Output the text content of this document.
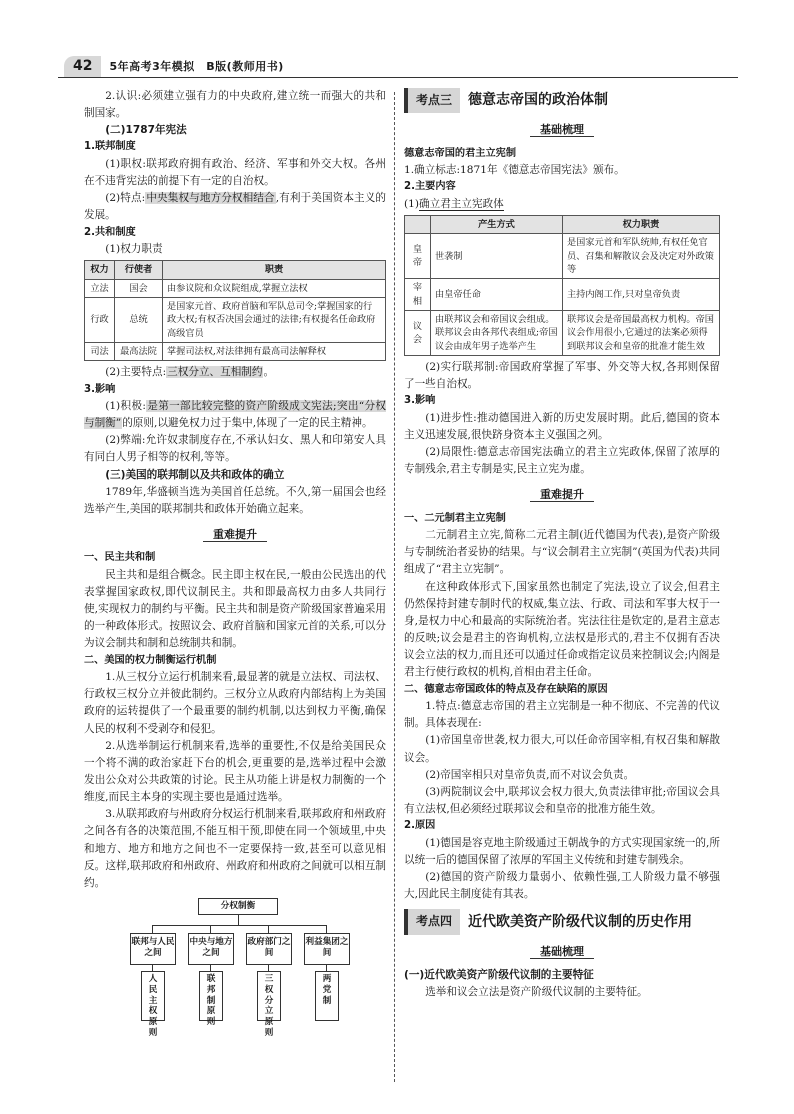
42	5年高考3年模拟　B版(教师用书)

2.认识:必须建立强有力的中央政府,建立统一而强大的共和制国家。

(二)1787年宪法
1.联邦制度

(1)职权:联邦政府拥有政治、经济、军事和外交大权。各州在不违背宪法的前提下有一定的自治权。

(2)特点:中央集权与地方分权相结合,有利于美国资本主义的发展。

2.共和制度

(1)权力职责

权力	行使者	职责
立法	国会	由参议院和众议院组成,掌握立法权
行政	总统	是国家元首、政府首脑和军队总司令;掌握国家的行政大权;有权否决国会通过的法律;有权提名任命政府高级官员
司法	最高法院	掌握司法权,对法律拥有最高司法解释权

(2)主要特点:三权分立、互相制约。

3.影响

(1)积极:是第一部比较完整的资产阶级成文宪法;突出“分权与制衡”的原则,以避免权力过于集中,体现了一定的民主精神。

(2)弊端:允许奴隶制度存在,不承认妇女、黑人和印第安人具有同白人男子相等的权利,等等。

(三)美国的联邦制以及共和政体的确立

1789年,华盛顿当选为美国首任总统。不久,第一届国会也经选举产生,美国的联邦制共和政体开始确立起来。

重难提升
一、民主共和制

民主共和是组合概念。民主即主权在民,一般由公民选出的代表掌握国家政权,即代议制民主。共和即最高权力由多人共同行使,实现权力的制约与平衡。民主共和制是资产阶级国家普遍采用的一种政体形式。按照议会、政府首脑和国家元首的关系,可以分为议会制共和制和总统制共和制。

二、美国的权力制衡运行机制

1.从三权分立运行机制来看,最显著的就是立法权、司法权、行政权三权分立并彼此制约。三权分立从政府内部结构上为美国政府的运转提供了一个最重要的制约机制,以达到权力平衡,确保人民的权利不受剥夺和侵犯。

2.从选举制运行机制来看,选举的重要性,不仅是给美国民众一个将不满的政治家赶下台的机会,更重要的是,选举过程中会激发出公众对公共政策的讨论。民主从功能上讲是权力制衡的一个维度,而民主本身的实现主要也是通过选举。

3.从联邦政府与州政府分权运行机制来看,联邦政府和州政府之间各有各的决策范围,不能互相干预,即使在同一个领域里,中央和地方、地方和地方之间也不一定要保持一致,甚至可以意见相反。这样,联邦政府和州政府、州政府和州政府之间就可以相互制约。

分权制衡
联邦与人民之间
中央与地方之间
政府部门之间
利益集团之间
人民主权原则
联邦制原则
三权分立原则
两党制
考点三	德意志帝国的政治体制
基础梳理
德意志帝国的君主立宪制

1.确立标志:1871年《德意志帝国宪法》颁布。

2.主要内容

(1)确立君主立宪政体

	产生方式	权力职责
皇帝	世袭制	是国家元首和军队统帅,有权任免官员、召集和解散议会及决定对外政策等
宰相	由皇帝任命	主持内阁工作,只对皇帝负责
议会	由联邦议会和帝国议会组成。联邦议会由各邦代表组成;帝国议会由成年男子选举产生	联邦议会是帝国最高权力机构。帝国议会作用很小,它通过的法案必须得到联邦议会和皇帝的批准才能生效

(2)实行联邦制:帝国政府掌握了军事、外交等大权,各邦则保留了一些自治权。

3.影响

(1)进步性:推动德国进入新的历史发展时期。此后,德国的资本主义迅速发展,很快跻身资本主义强国之列。

(2)局限性:德意志帝国宪法确立的君主立宪政体,保留了浓厚的专制残余,君主专制是实,民主立宪为虚。

重难提升
一、二元制君主立宪制

二元制君主立宪,简称二元君主制(近代德国为代表),是资产阶级与专制统治者妥协的结果。与“议会制君主立宪制”(英国为代表)共同组成了“君主立宪制”。

在这种政体形式下,国家虽然也制定了宪法,设立了议会,但君主仍然保持封建专制时代的权威,集立法、行政、司法和军事大权于一身,是权力中心和最高的实际统治者。宪法往往是钦定的,是君主意志的反映;议会是君主的咨询机构,立法权是形式的,君主不仅拥有否决议会立法的权力,而且还可以通过任命或指定议员来控制议会;内阁是君主行使行政权的机构,首相由君主任命。

二、德意志帝国政体的特点及存在缺陷的原因

1.特点:德意志帝国的君主立宪制是一种不彻底、不完善的代议制。具体表现在:

(1)帝国皇帝世袭,权力很大,可以任命帝国宰相,有权召集和解散议会。

(2)帝国宰相只对皇帝负责,而不对议会负责。

(3)两院制议会中,联邦议会权力很大,负责法律审批;帝国议会具有立法权,但必须经过联邦议会和皇帝的批准方能生效。

2.原因

(1)德国是容克地主阶级通过王朝战争的方式实现国家统一的,所以统一后的德国保留了浓厚的军国主义传统和封建专制残余。

(2)德国的资产阶级力量弱小、依赖性强,工人阶级力量不够强大,因此民主制度徒有其表。

考点四	近代欧美资产阶级代议制的历史作用
基础梳理
(一)近代欧美资产阶级代议制的主要特征

选举和议会立法是资产阶级代议制的主要特征。
